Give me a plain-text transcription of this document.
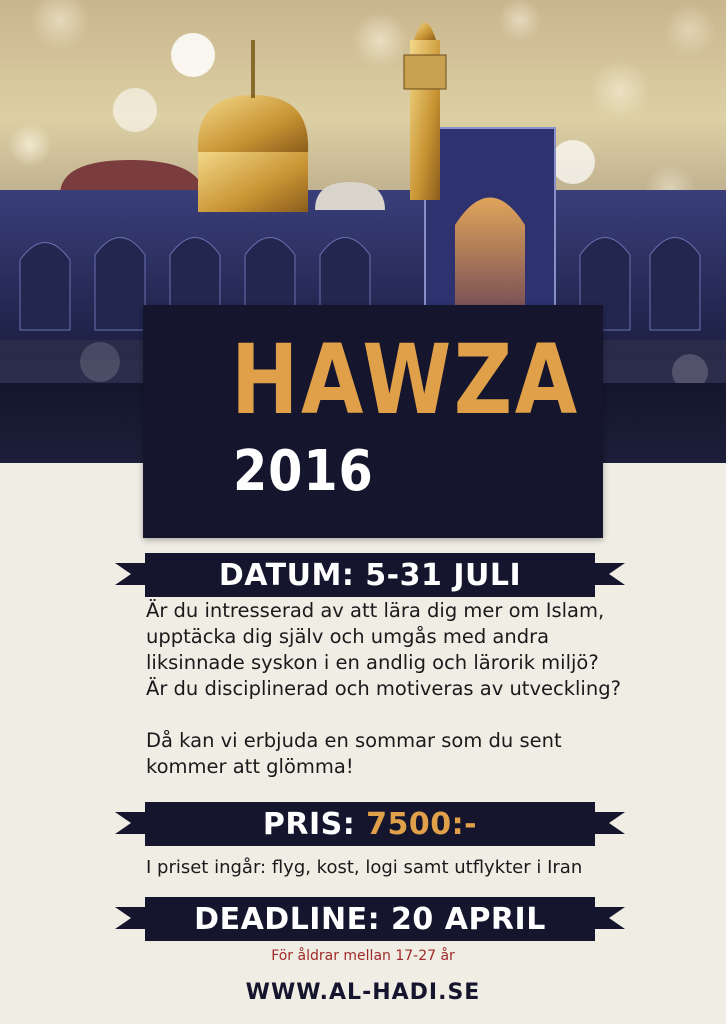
HAWZA
2016
DATUM:
5-31 JULI

Är du intresserad av att lära dig mer om Islam, upptäcka dig själv och umgås med andra liksinnade syskon i en andlig och lärorik miljö? Är du disciplinerad och motiveras av utveckling?

Då kan vi erbjuda en sommar som du sent kommer att glömma!

PRIS:
7500:-
I priset ingår: flyg, kost, logi samt utflykter i Iran
DEADLINE:
20 APRIL
För åldrar mellan 17-27 år
WWW.AL-HADI.SE
